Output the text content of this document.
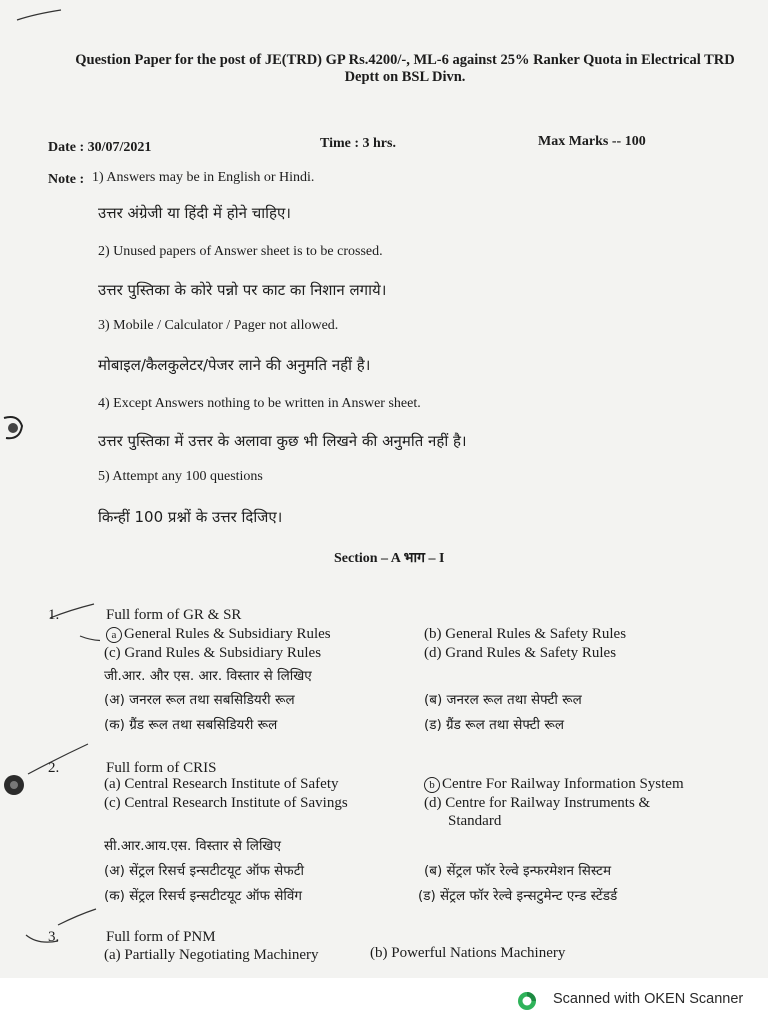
Question Paper for the post of JE(TRD) GP Rs.4200/-, ML-6 against 25% Ranker Quota in Electrical TRD Deptt on BSL Divn.
Date : 30/07/2021	Time : 3 hrs.	Max Marks -- 100
Note : 1) Answers may be in English or Hindi.
उत्तर अंग्रेजी या हिंदी में होने चाहिए।
2) Unused papers of Answer sheet is to be crossed.
उत्तर पुस्तिका के कोरे पन्नो पर काट का निशान लगाये।
3) Mobile / Calculator / Pager not allowed.
मोबाइल/कैलकुलेटर/पेजर लाने की अनुमति नहीं है।
4) Except Answers nothing to be written in Answer sheet.
उत्तर पुस्तिका में उत्तर के अलावा कुछ भी लिखने की अनुमति नहीं है।
5) Attempt any 100 questions
किन्हीं 100 प्रश्नों के उत्तर दिजिए।
Section – A भाग – I
1.	Full form of GR & SR
a General Rules & Subsidiary Rules	(b) General Rules & Safety Rules
(c) Grand Rules & Subsidiary Rules	(d) Grand Rules & Safety Rules
जी.आर. और एस. आर. विस्तार से लिखिए
(अ) जनरल रूल तथा सबसिडियरी रूल	(ब) जनरल रूल तथा सेफ्टी रूल
(क) ग्रैंड रूल तथा सबसिडियरी रूल	(ड) ग्रैंड रूल तथा सेफ्टी रूल
2.	Full form of CRIS
(a) Central Research Institute of Safety	b Centre For Railway Information System
(c) Central Research Institute of Savings	(d) Centre for Railway Instruments &
Standard
सी.आर.आय.एस. विस्तार से लिखिए
(अ) सेंट्रल रिसर्च इन्सटीटयूट ऑफ सेफटी	(ब) सेंट्रल फॉर रेल्वे इन्फरमेशन सिस्टम
(क) सेंट्रल रिसर्च इन्सटीटयूट ऑफ सेविंग	(ड) सेंट्रल फॉर रेल्वे इन्सटुमेन्ट एन्ड स्टेंडर्ड
3.	Full form of PNM
(a) Partially Negotiating Machinery	(b) Powerful Nations Machinery
Scanned with OKEN Scanner
